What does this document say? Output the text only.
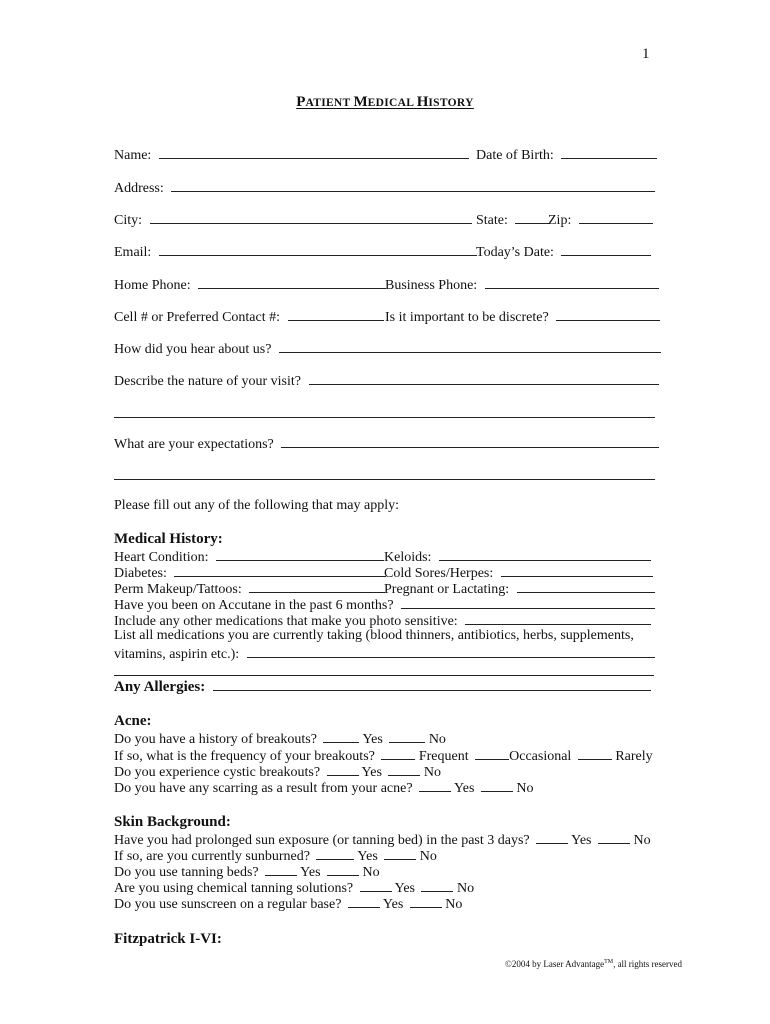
1
PATIENT MEDICAL HISTORY
Name:	Date of Birth:
Address:
City:	State:	Zip:
Email:	Today’s Date:
Home Phone:	Business Phone:
Cell # or Preferred Contact #:	Is it important to be discrete?
How did you hear about us?
Describe the nature of your visit?
What are your expectations?
Please fill out any of the following that may apply:
Medical History:
Heart Condition:	Keloids:
Diabetes:	Cold Sores/Herpes:
Perm Makeup/Tattoos:	Pregnant or Lactating:
Have you been on Accutane in the past 6 months?
Include any other medications that make you photo sensitive:
List all medications you are currently taking (blood thinners, antibiotics, herbs, supplements,
vitamins, aspirin etc.):
Any Allergies:
Acne:
Do you have a history of breakouts?	Yes	No
If so, what is the frequency of your breakouts?	Frequent	Occasional	Rarely
Do you experience cystic breakouts?	Yes	No
Do you have any scarring as a result from your acne?	Yes	No
Skin Background:
Have you had prolonged sun exposure (or tanning bed) in the past 3 days?	Yes	No
If so, are you currently sunburned?	Yes	No
Do you use tanning beds?	Yes	No
Are you using chemical tanning solutions?	Yes	No
Do you use sunscreen on a regular base?	Yes	No
Fitzpatrick I-VI:
©2004 by Laser Advantage™, all rights reserved
